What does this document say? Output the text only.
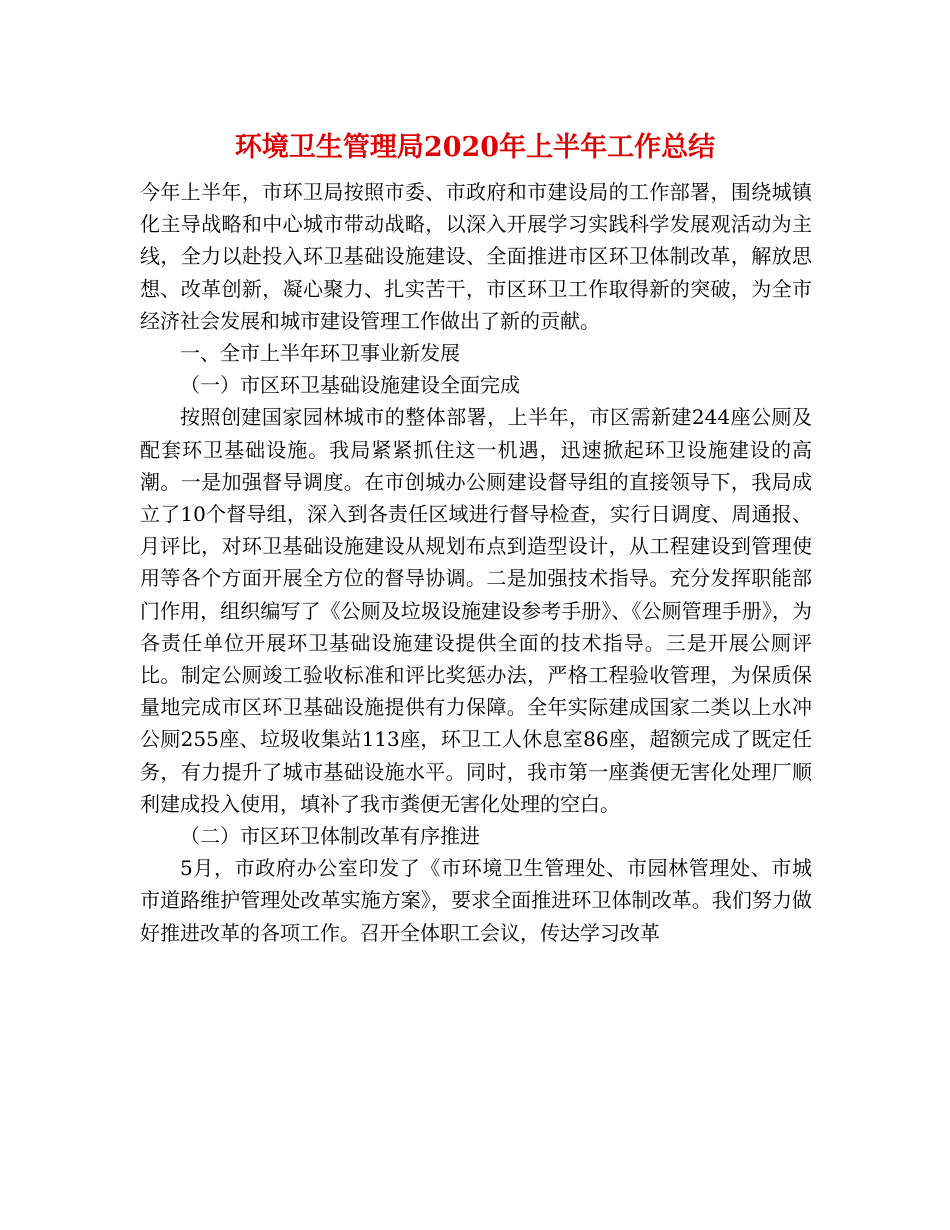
环境卫生管理局2020年上半年工作总结

今年上半年，市环卫局按照市委、市政府和市建设局的工作部署，围绕城镇化主导战略和中心城市带动战略，以深入开展学习实践科学发展观活动为主线，全力以赴投入环卫基础设施建设、全面推进市区环卫体制改革，解放思想、改革创新，凝心聚力、扎实苦干，市区环卫工作取得新的突破，为全市经济社会发展和城市建设管理工作做出了新的贡献。

一、全市上半年环卫事业新发展

（一）市区环卫基础设施建设全面完成

按照创建国家园林城市的整体部署，上半年，市区需新建244座公厕及配套环卫基础设施。我局紧紧抓住这一机遇，迅速掀起环卫设施建设的高潮。一是加强督导调度。在市创城办公厕建设督导组的直接领导下，我局成立了10个督导组，深入到各责任区域进行督导检查，实行日调度、周通报、月评比，对环卫基础设施建设从规划布点到造型设计，从工程建设到管理使用等各个方面开展全方位的督导协调。二是加强技术指导。充分发挥职能部门作用，组织编写了《公厕及垃圾设施建设参考手册》、《公厕管理手册》，为各责任单位开展环卫基础设施建设提供全面的技术指导。三是开展公厕评比。制定公厕竣工验收标准和评比奖惩办法，严格工程验收管理，为保质保量地完成市区环卫基础设施提供有力保障。全年实际建成国家二类以上水冲公厕255座、垃圾收集站113座，环卫工人休息室86座，超额完成了既定任务，有力提升了城市基础设施水平。同时，我市第一座粪便无害化处理厂顺利建成投入使用，填补了我市粪便无害化处理的空白。

（二）市区环卫体制改革有序推进

5月，市政府办公室印发了《市环境卫生管理处、市园林管理处、市城市道路维护管理处改革实施方案》，要求全面推进环卫体制改革。我们努力做好推进改革的各项工作。召开全体职工会议，传达学习改革
